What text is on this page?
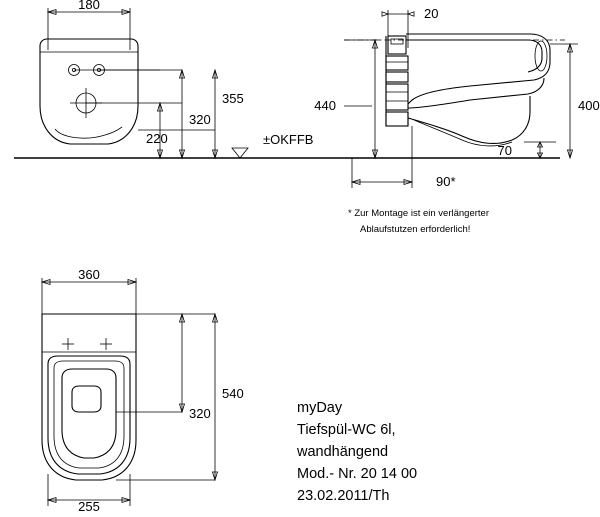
180
±OKFFB
355
320
220
20
440	400
70
90*
* Zur Montage ist ein verlängerter
Ablaufstutzen erforderlich!
360
540
320
255
myDay
Tiefspül-WC 6l,
wandhängend
Mod.- Nr. 20 14 00
23.02.2011/Th
